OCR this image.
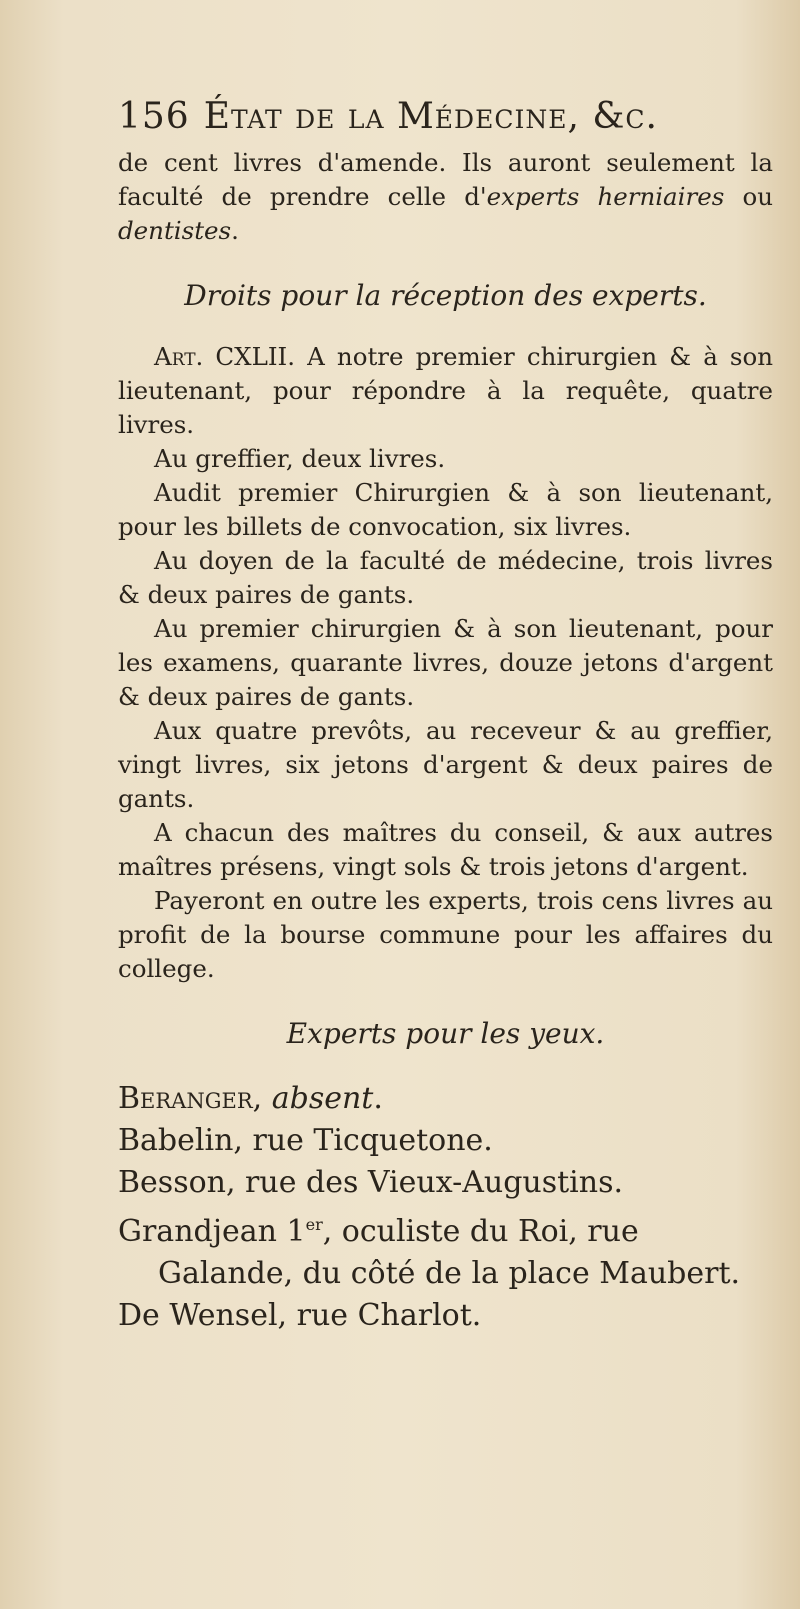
156 État de la Médecine, &c.

de cent livres d'amende. Ils auront seulement la faculté de prendre celle d'experts herniaires ou dentistes.

Droits pour la réception des experts.

Art. CXLII. A notre premier chirurgien & à son lieutenant, pour répondre à la requête, quatre livres.

Au greffier, deux livres.

Audit premier Chirurgien & à son lieutenant, pour les billets de convocation, six livres.

Au doyen de la faculté de médecine, trois livres & deux paires de gants.

Au premier chirurgien & à son lieutenant, pour les examens, quarante livres, douze jetons d'argent & deux paires de gants.

Aux quatre prevôts, au receveur & au greffier, vingt livres, six jetons d'argent & deux paires de gants.

A chacun des maîtres du conseil, & aux autres maîtres présens, vingt sols & trois jetons d'argent.

Payeront en outre les experts, trois cens livres au profit de la bourse commune pour les affaires du college.

Experts pour les yeux.
Beranger, absent.
Babelin, rue Ticquetone.
Besson, rue des Vieux-Augustins.
Grandjean 1er, oculiste du Roi, rue
Galande, du côté de la place Maubert.
De Wensel, rue Charlot.
